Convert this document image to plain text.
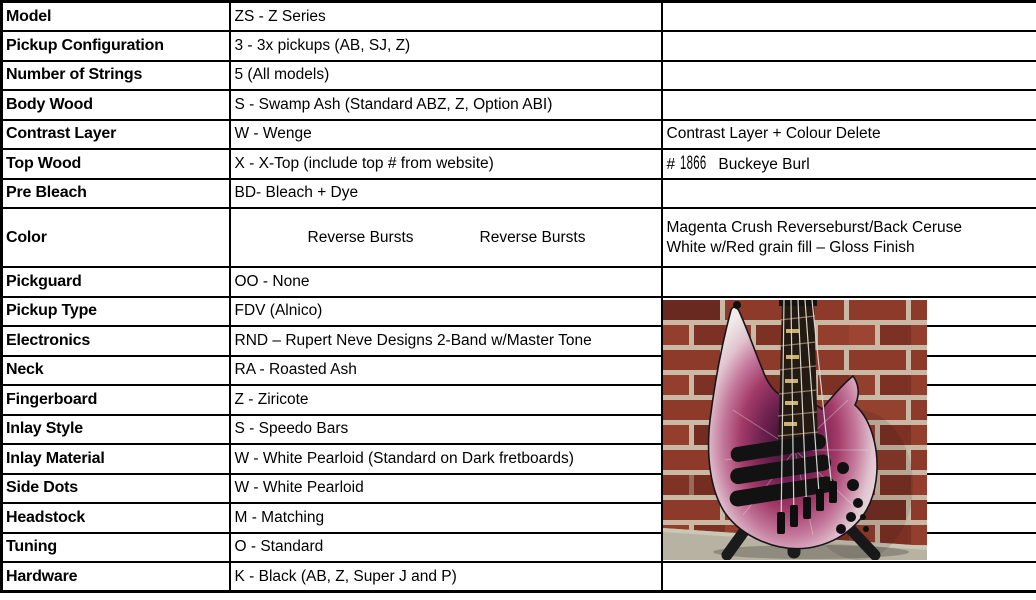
Model	ZS - Z Series	
Pickup Configuration	3 - 3x pickups (AB, SJ, Z)	
Number of Strings	5 (All models)	
Body Wood	S - Swamp Ash (Standard ABZ, Z, Option ABI)	
Contrast Layer	W - Wenge	Contrast Layer + Colour Delete
Top Wood	X - X-Top (include top # from website)	# 1866 Buckeye Burl
Pre Bleach	BD- Bleach + Dye	
Color	Reverse Bursts Reverse Bursts	Magenta Crush Reverseburst/Back Ceruse
White w/Red grain fill – Gloss Finish

Pickguard	OO - None	
Pickup Type	FDV (Alnico)	
Electronics	RND – Rupert Neve Designs 2-Band w/Master Tone	
Neck	RA - Roasted Ash	
Fingerboard	Z - Ziricote	
Inlay Style	S - Speedo Bars	
Inlay Material	W - White Pearloid (Standard on Dark fretboards)	
Side Dots	W - White Pearloid	
Headstock	M - Matching	
Tuning	O - Standard	
Hardware	K - Black (AB, Z, Super J and P)	
